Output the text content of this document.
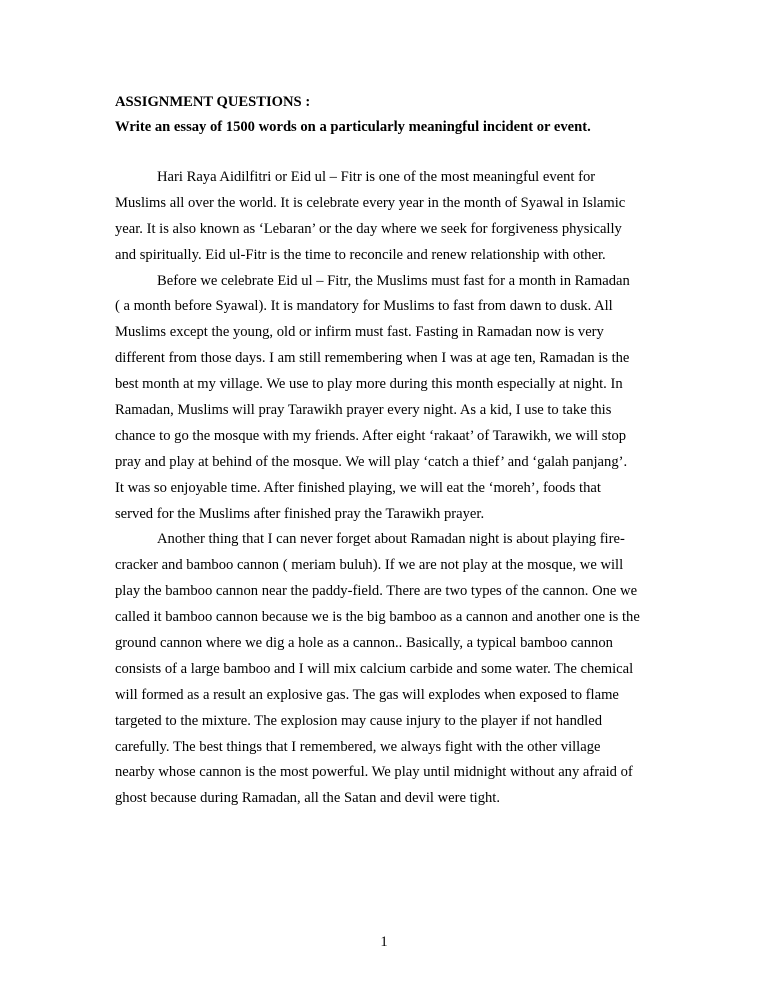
ASSIGNMENT QUESTIONS :

Write an essay of 1500 words on a particularly meaningful incident or event.

Hari Raya Aidilfitri or Eid ul – Fitr is one of the most meaningful event for

Muslims all over the world. It is celebrate every year in the month of Syawal in Islamic

year. It is also known as ‘Lebaran’ or the day where we seek for forgiveness physically

and spiritually. Eid ul-Fitr is the time to reconcile and renew relationship with other.

Before we celebrate Eid ul – Fitr, the Muslims must fast for a month in Ramadan

( a month before Syawal). It is mandatory for Muslims to fast from dawn to dusk. All

Muslims except the young, old or infirm must fast. Fasting in Ramadan now is very

different from those days. I am still remembering when I was at age ten, Ramadan is the

best month at my village. We use to play more during this month especially at night. In

Ramadan, Muslims will pray Tarawikh prayer every night. As a kid, I use to take this

chance to go the mosque with my friends. After eight ‘rakaat’ of Tarawikh, we will stop

pray and play at behind of the mosque. We will play ‘catch a thief’ and ‘galah panjang’.

It was so enjoyable time. After finished playing, we will eat the ‘moreh’, foods that

served for the Muslims after finished pray the Tarawikh prayer.

Another thing that I can never forget about Ramadan night is about playing fire-

cracker and bamboo cannon ( meriam buluh). If we are not play at the mosque, we will

play the bamboo cannon near the paddy-field. There are two types of the cannon. One we

called it bamboo cannon because we is the big bamboo as a cannon and another one is the

ground cannon where we dig a hole as a cannon.. Basically, a typical bamboo cannon

consists of a large bamboo and I will mix calcium carbide and some water. The chemical

will formed as a result an explosive gas. The gas will explodes when exposed to flame

targeted to the mixture. The explosion may cause injury to the player if not handled

carefully. The best things that I remembered, we always fight with the other village

nearby whose cannon is the most powerful. We play until midnight without any afraid of

ghost because during Ramadan, all the Satan and devil were tight.

1
